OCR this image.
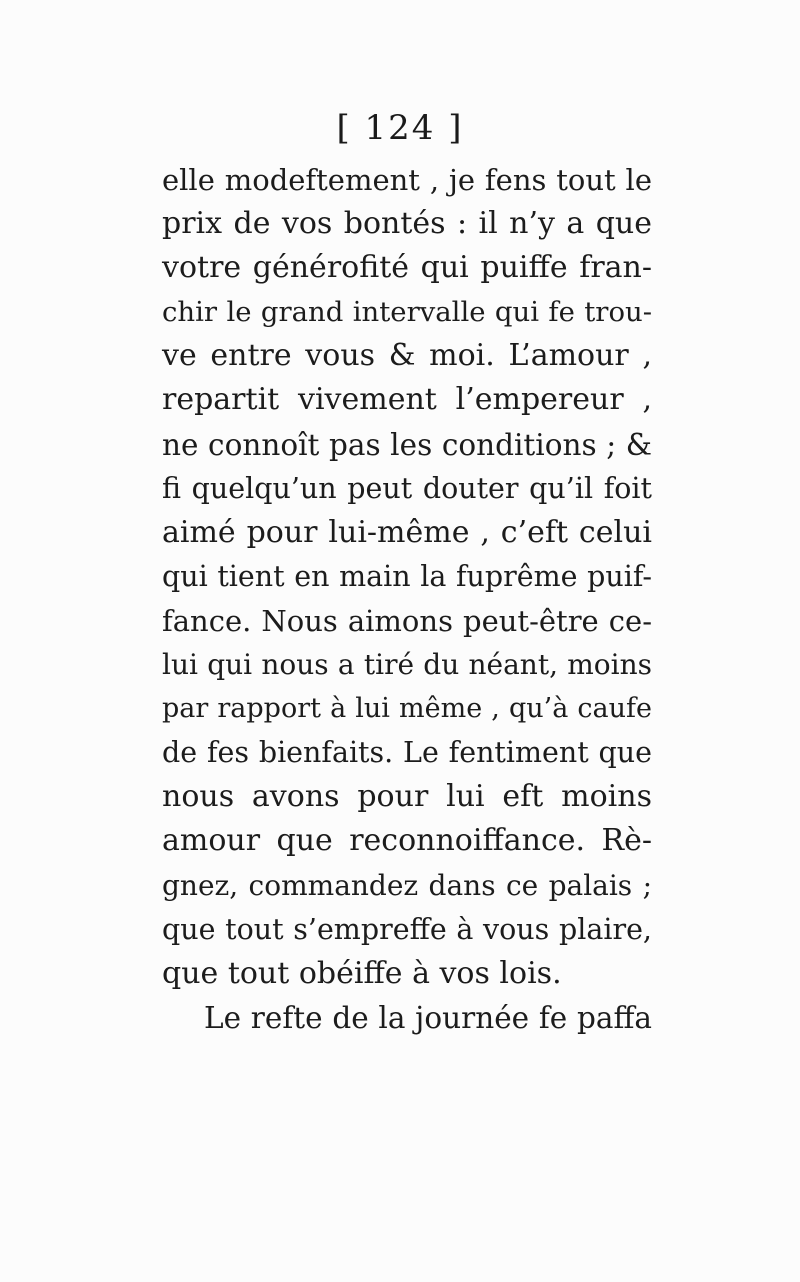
[ 124 ]
elle modeftement , je fens tout le
prix de vos bontés : il n’y a que
votre générofité qui puiffe fran-
chir le grand intervalle qui fe trou-
ve entre vous & moi. L’amour ,
repartit vivement l’empereur ,
ne connoît pas les conditions ; &
fi quelqu’un peut douter qu’il foit
aimé pour lui-même , c’eft celui
qui tient en main la fuprême puif-
fance. Nous aimons peut-être ce-
lui qui nous a tiré du néant, moins
par rapport à lui même , qu’à caufe
de fes bienfaits. Le fentiment que
nous avons pour lui eft moins
amour que reconnoiffance. Rè-
gnez, commandez dans ce palais ;
que tout s’empreffe à vous plaire,
que tout obéiffe à vos lois.
Le refte de la journée fe paffa
